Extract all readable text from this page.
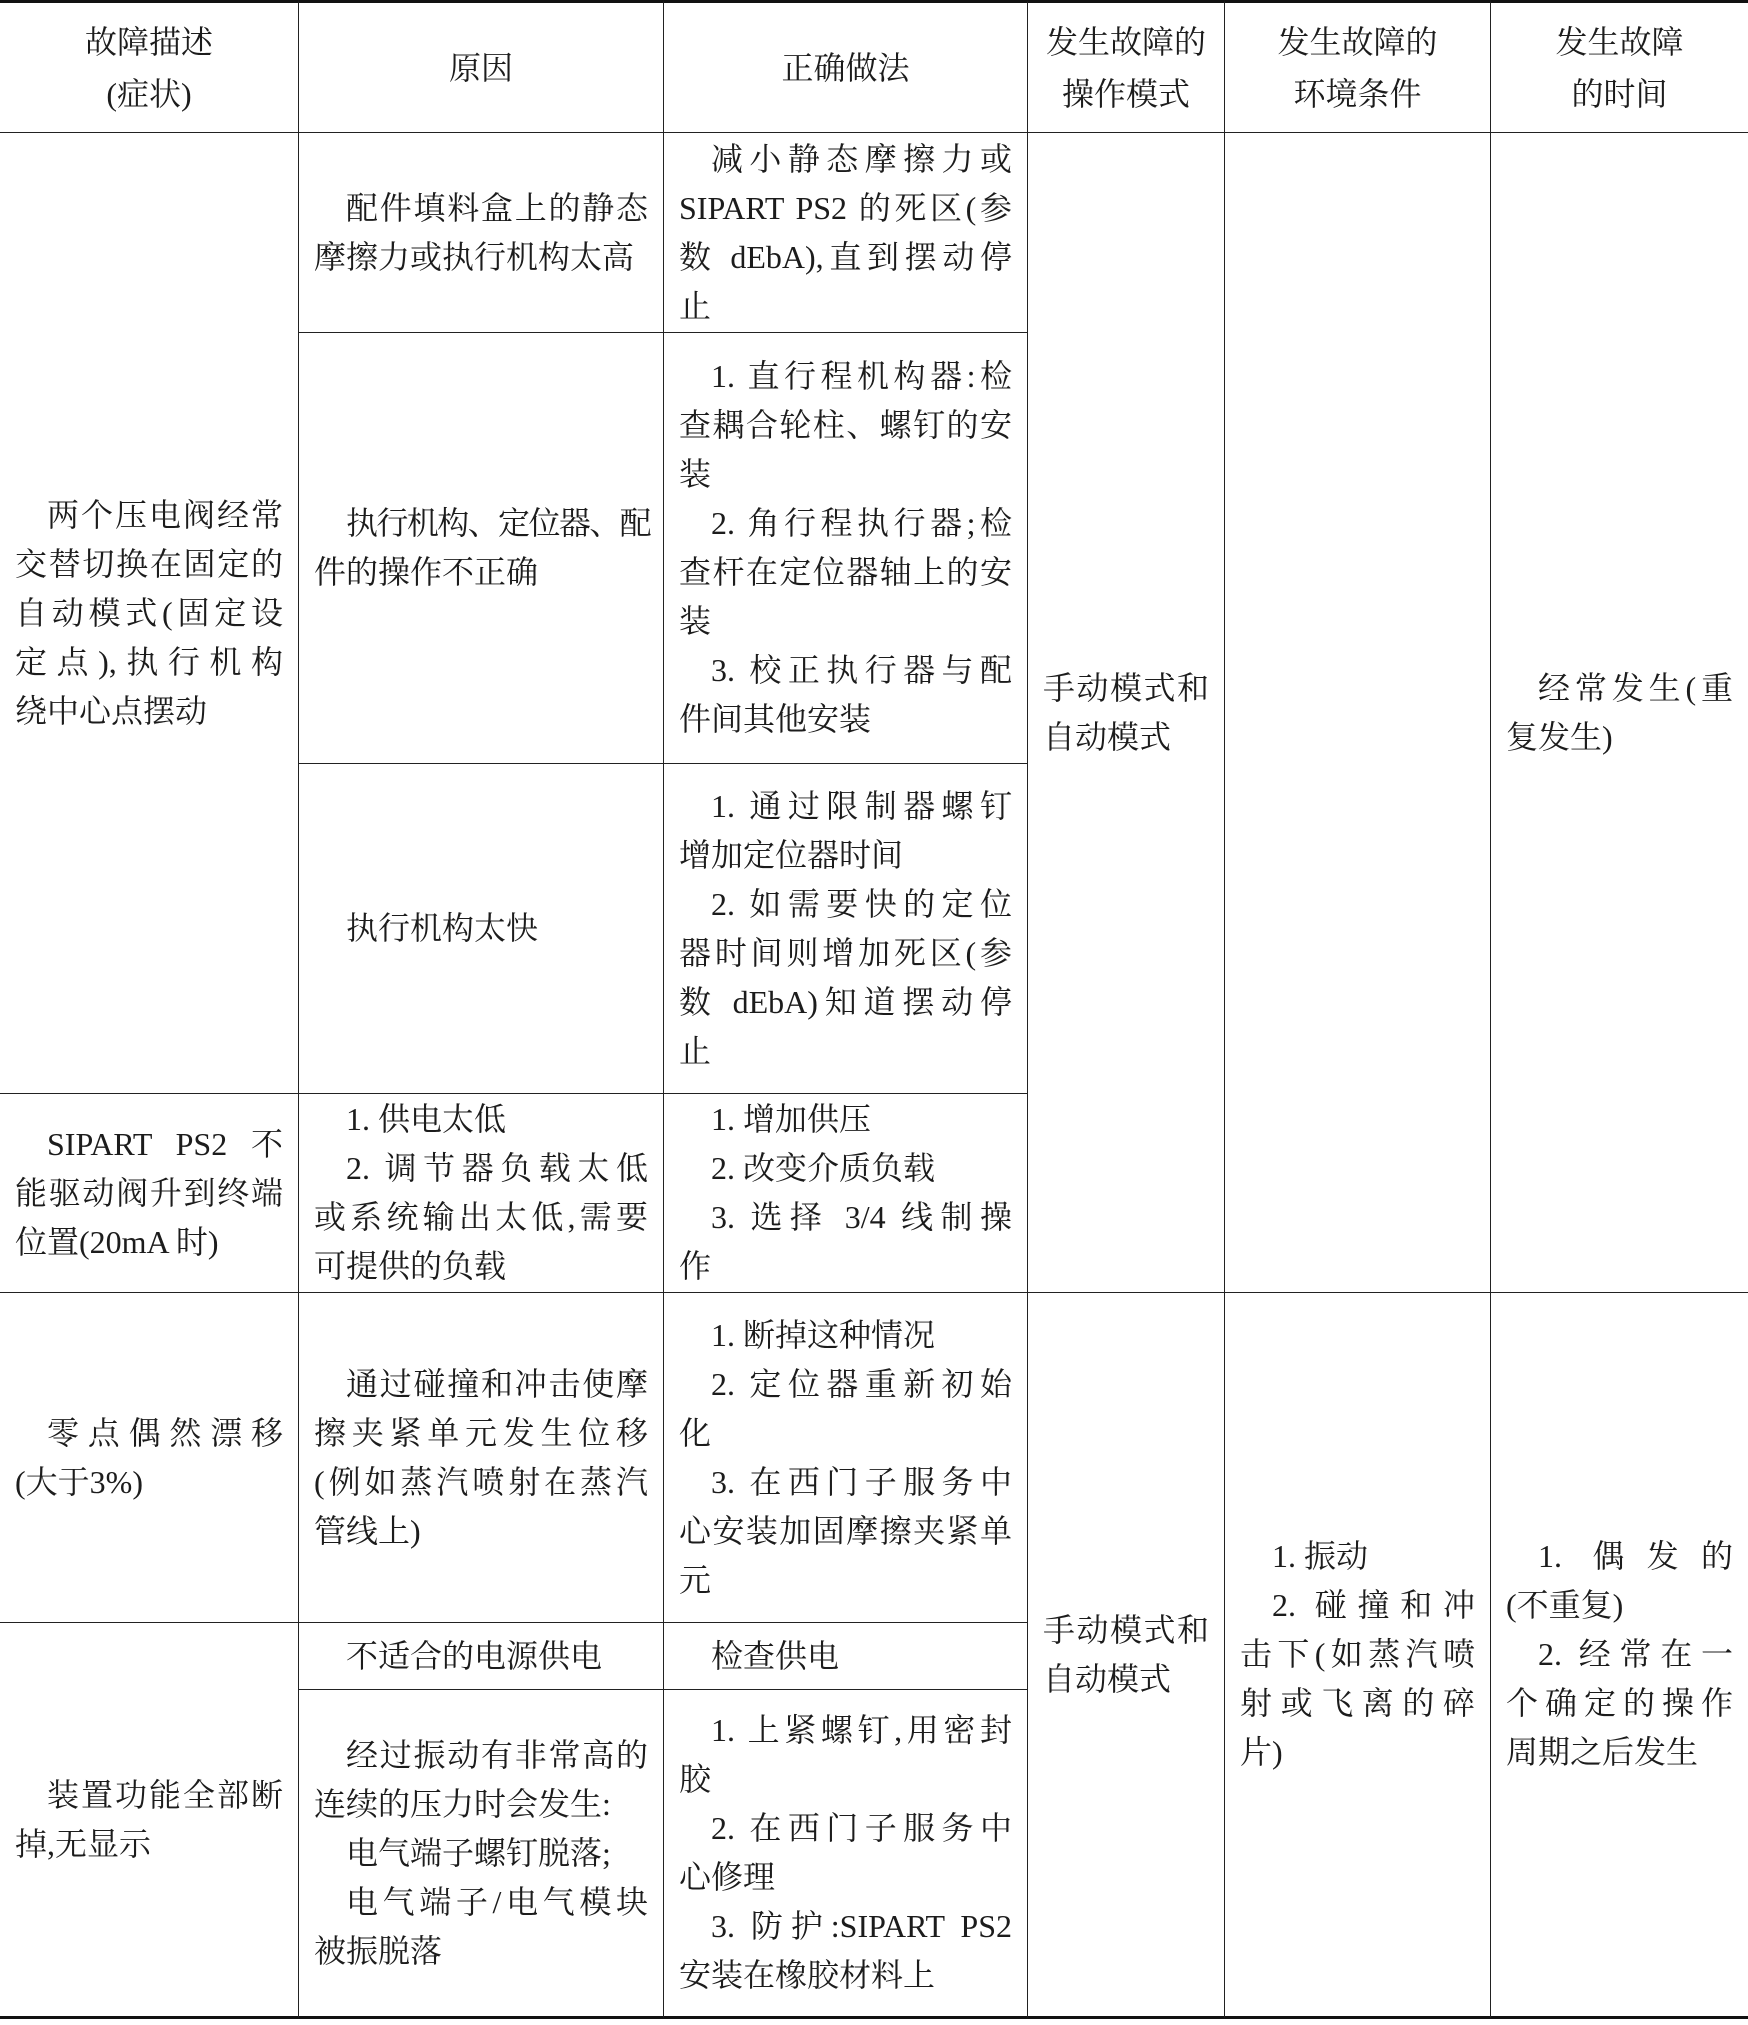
故障描述
(症状)
原因	正确做法
发生故障的
操作模式
发生故障的
环境条件
发生故障
的时间
两个压电阀经常
交替切换在固定的
自动模式(固定设
定点),执行机构
绕中心点摆动
配件填料盒上的静态
摩擦力或执行机构太高
减小静态摩擦力或
SIPART PS2 的死区(参
数 dEbA),直到摆动停
止
手动模式和
自动模式
经常发生(重
复发生)
执行机构、定位器、配
件的操作不正确
1. 直行程机构器:检
查耦合轮柱、螺钉的安
装
2. 角行程执行器;检
查杆在定位器轴上的安
装
3. 校正执行器与配
件间其他安装
执行机构太快
1. 通过限制器螺钉
增加定位器时间
2. 如需要快的定位
器时间则增加死区(参
数 dEbA)知道摆动停
止
SIPART PS2 不
能驱动阀升到终端
位置(20mA 时)
1. 供电太低
2. 调节器负载太低
或系统输出太低,需要
可提供的负载
1. 增加供压
2. 改变介质负载
3. 选择 3/4 线制操
作
零点偶然漂移
(大于3%)
通过碰撞和冲击使摩
擦夹紧单元发生位移
(例如蒸汽喷射在蒸汽
管线上)
1. 断掉这种情况
2. 定位器重新初始
化
3. 在西门子服务中
心安装加固摩擦夹紧单
元
手动模式和
自动模式
1. 振动
2. 碰撞和冲
击下(如蒸汽喷
射或飞离的碎
片)
1. 偶发的
(不重复)
2. 经常在一
个确定的操作
周期之后发生
装置功能全部断
掉,无显示
不适合的电源供电	检查供电
经过振动有非常高的
连续的压力时会发生:
电气端子螺钉脱落;
电气端子/电气模块
被振脱落
1. 上紧螺钉,用密封
胶
2. 在西门子服务中
心修理
3. 防护:SIPART PS2
安装在橡胶材料上
